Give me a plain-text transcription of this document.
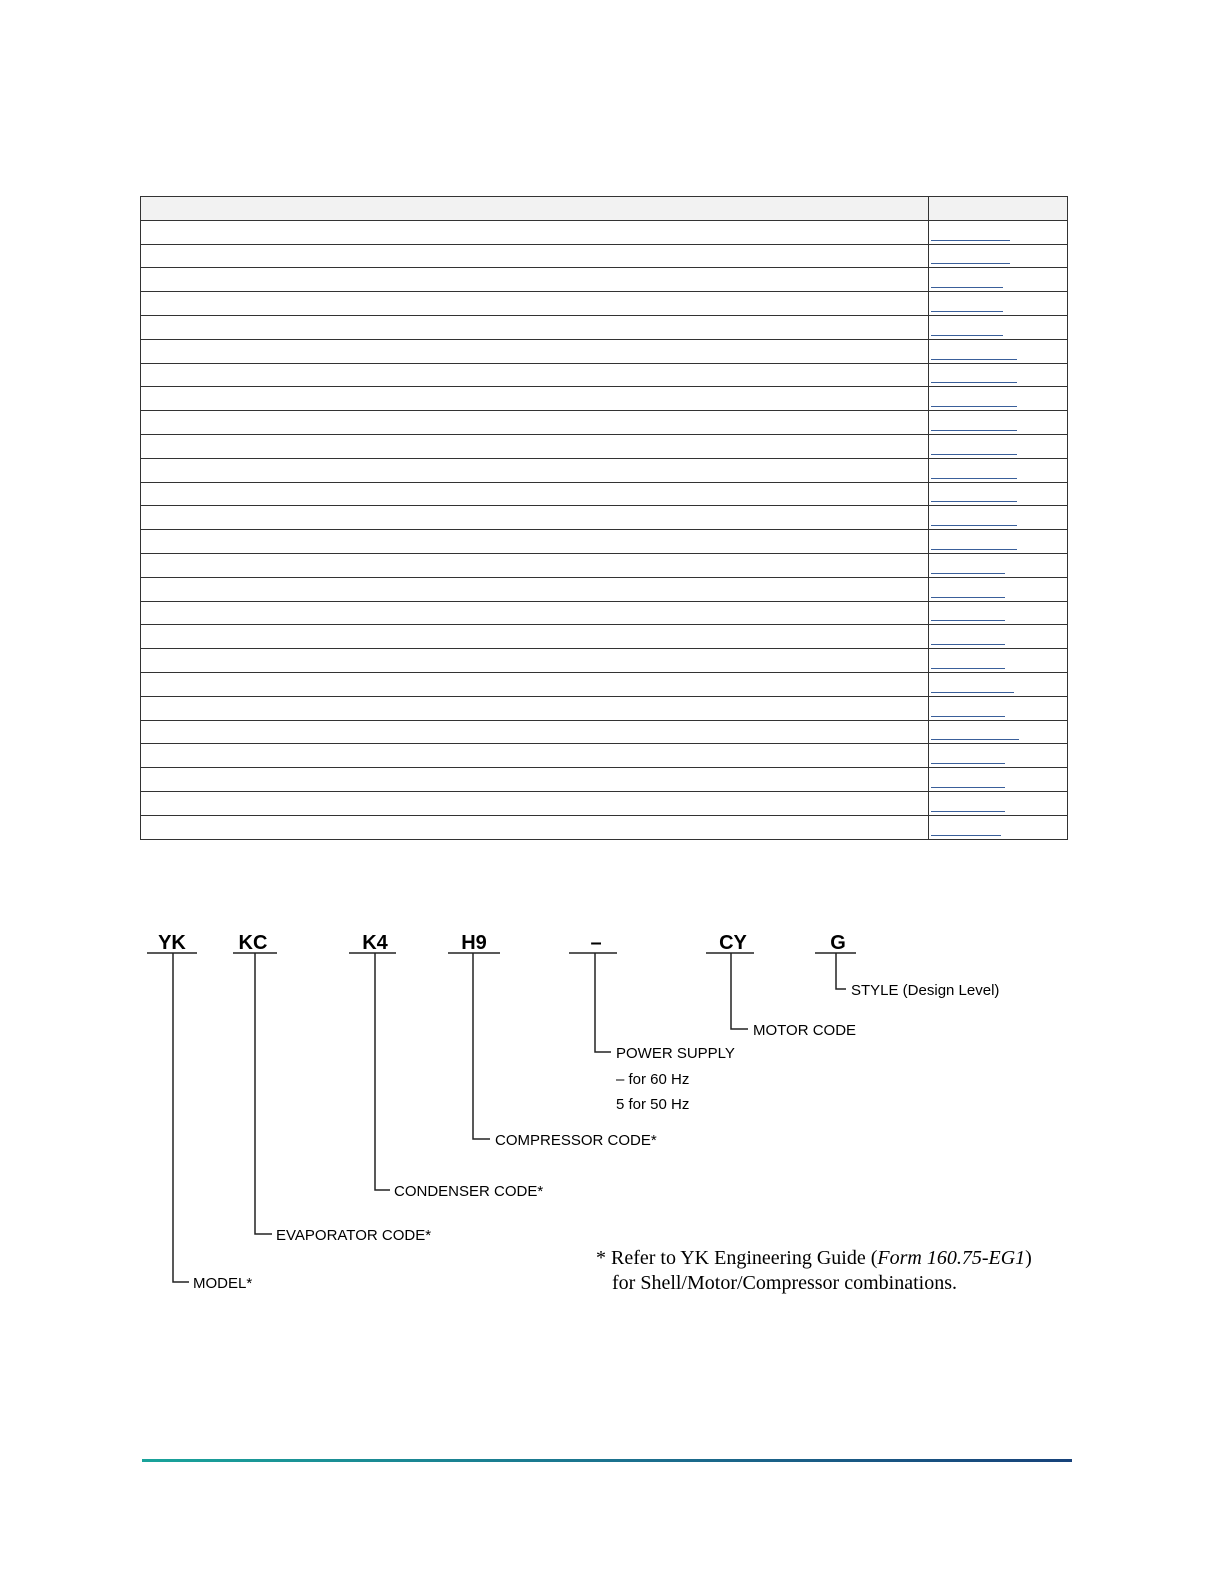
YK	KC	K4	H9	–	CY	G
STYLE (Design Level)
MOTOR CODE
POWER SUPPLY
– for 60 Hz
5 for 50 Hz
COMPRESSOR CODE*
CONDENSER CODE*
EVAPORATOR CODE*
MODEL*
* Refer to YK Engineering Guide (Form 160.75-EG1)
for Shell/Motor/Compressor combinations.
